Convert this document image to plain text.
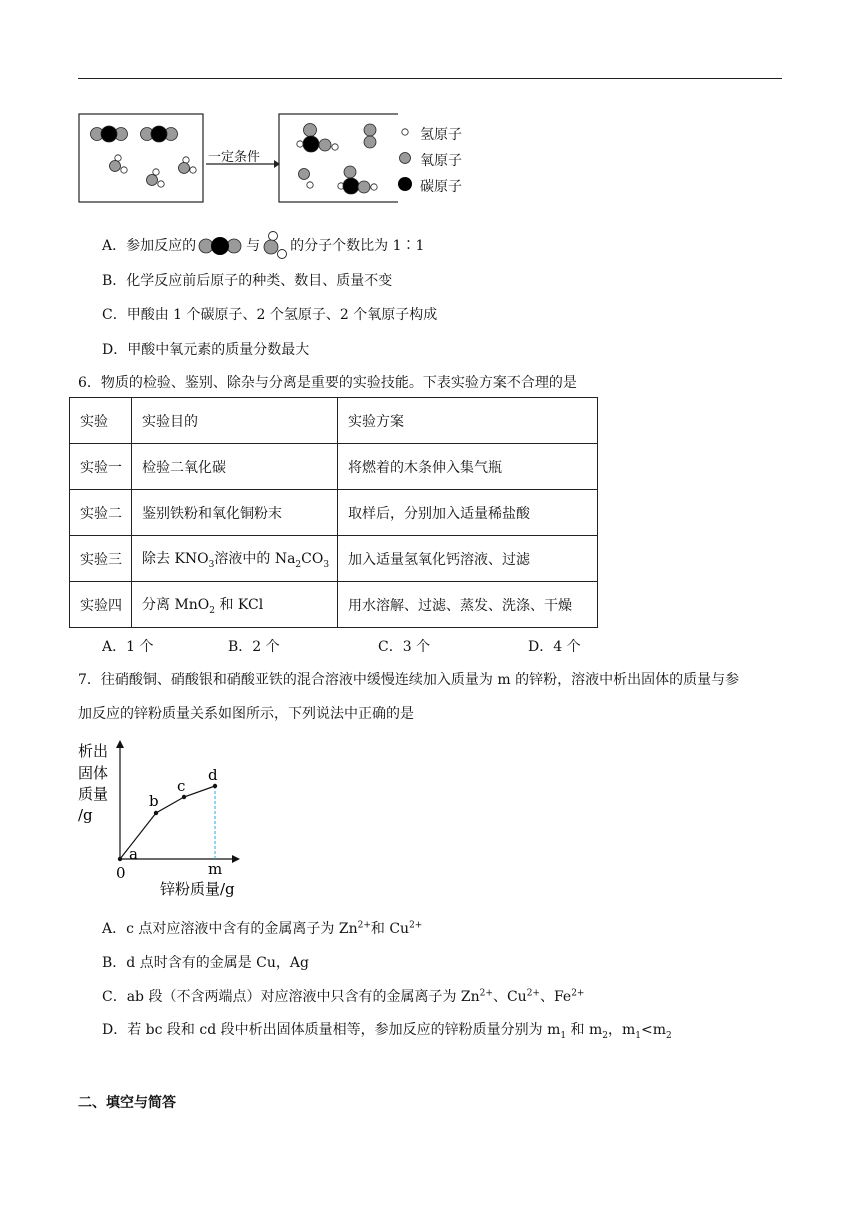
一定条件
氢原子
氧原子
碳原子
A．参加反应的	与 的分子个数比为 1∶1
B．化学反应前后原子的种类、数目、质量不变
C．甲酸由 1 个碳原子、2 个氢原子、2 个氧原子构成
D．甲酸中氧元素的质量分数最大
6．物质的检验、鉴别、除杂与分离是重要的实验技能。下表实验方案不合理的是
实验	实验目的	实验方案
实验一	检验二氧化碳	将燃着的木条伸入集气瓶
实验二	鉴别铁粉和氧化铜粉末	取样后，分别加入适量稀盐酸
实验三	除去 $KNO_3$溶液中的 $Na_2CO_3$	加入适量氢氧化钙溶液、过滤
实验四	分离 MnO$_2$ 和 KCl	用水溶解、过滤、蒸发、洗涤、干燥
A．1 个	B．2 个	C．3 个	D．4 个
7．往硝酸铜、硝酸银和硝酸亚铁的混合溶液中缓慢连续加入质量为 m 的锌粉，溶液中析出固体的质量与参
加反应的锌粉质量关系如图所示，下列说法中正确的是
析出
固体
质量
/g
a
b
c
d
0	m
锌粉质量/g
A．c 点对应溶液中含有的金属离子为 $Zn^{2+}$和 $Cu^{2+}$
B．d 点时含有的金属是 Cu，Ag
C．ab 段（不含两端点）对应溶液中只含有的金属离子为 $Zn^{2+}$、$Cu^{2+}$、$Fe^{2+}$
D．若 bc 段和 cd 段中析出固体质量相等，参加反应的锌粉质量分别为 $m_1$ 和 $m_2$，$m_1<m_2$
二、填空与简答
